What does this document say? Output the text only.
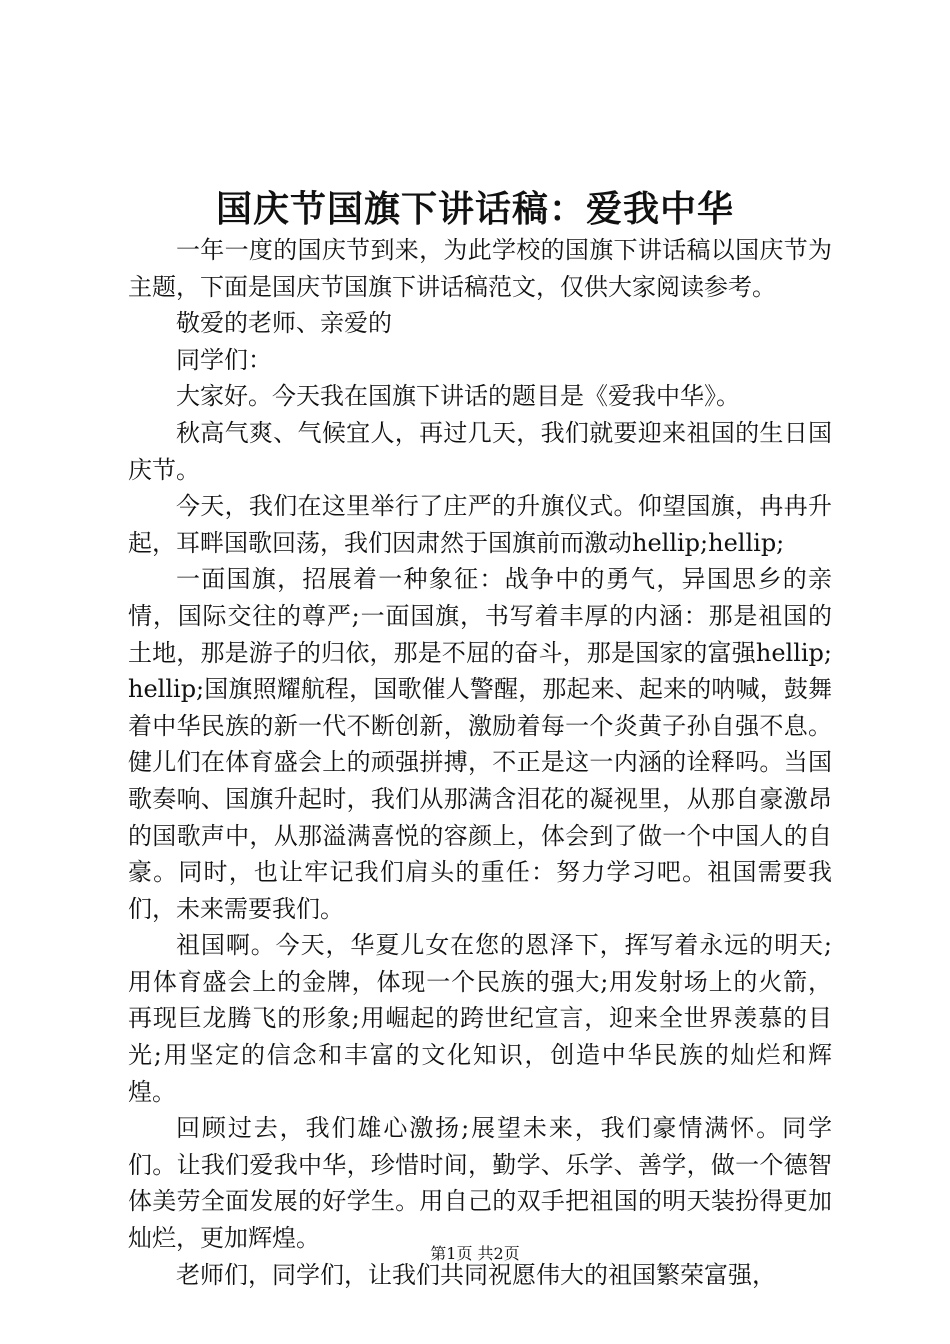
国庆节国旗下讲话稿：爱我中华

一年一度的国庆节到来，为此学校的国旗下讲话稿以国庆节为主题，下面是国庆节国旗下讲话稿范文，仅供大家阅读参考。

敬爱的老师、亲爱的

同学们：

大家好。今天我在国旗下讲话的题目是《爱我中华》。

秋高气爽、气候宜人，再过几天，我们就要迎来祖国的生日国庆节。

今天，我们在这里举行了庄严的升旗仪式。仰望国旗，冉冉升起，耳畔国歌回荡，我们因肃然于国旗前而激动hellip;hellip;

一面国旗，招展着一种象征：战争中的勇气，异国思乡的亲情，国际交往的尊严;一面国旗，书写着丰厚的内涵：那是祖国的土地，那是游子的归依，那是不屈的奋斗，那是国家的富强hellip;hellip;国旗照耀航程，国歌催人警醒，那起来、起来的呐喊，鼓舞着中华民族的新一代不断创新，激励着每一个炎黄子孙自强不息。健儿们在体育盛会上的顽强拼搏，不正是这一内涵的诠释吗。当国歌奏响、国旗升起时，我们从那满含泪花的凝视里，从那自豪激昂的国歌声中，从那溢满喜悦的容颜上，体会到了做一个中国人的自豪。同时，也让牢记我们肩头的重任：努力学习吧。祖国需要我们，未来需要我们。

祖国啊。今天，华夏儿女在您的恩泽下，挥写着永远的明天;用体育盛会上的金牌，体现一个民族的强大;用发射场上的火箭，再现巨龙腾飞的形象;用崛起的跨世纪宣言，迎来全世界羡慕的目光;用坚定的信念和丰富的文化知识，创造中华民族的灿烂和辉煌。

回顾过去，我们雄心激扬;展望未来，我们豪情满怀。同学们。让我们爱我中华，珍惜时间，勤学、乐学、善学，做一个德智体美劳全面发展的好学生。用自己的双手把祖国的明天装扮得更加灿烂，更加辉煌。

老师们，同学们，让我们共同祝愿伟大的祖国繁荣富强，

第1页 共2页
